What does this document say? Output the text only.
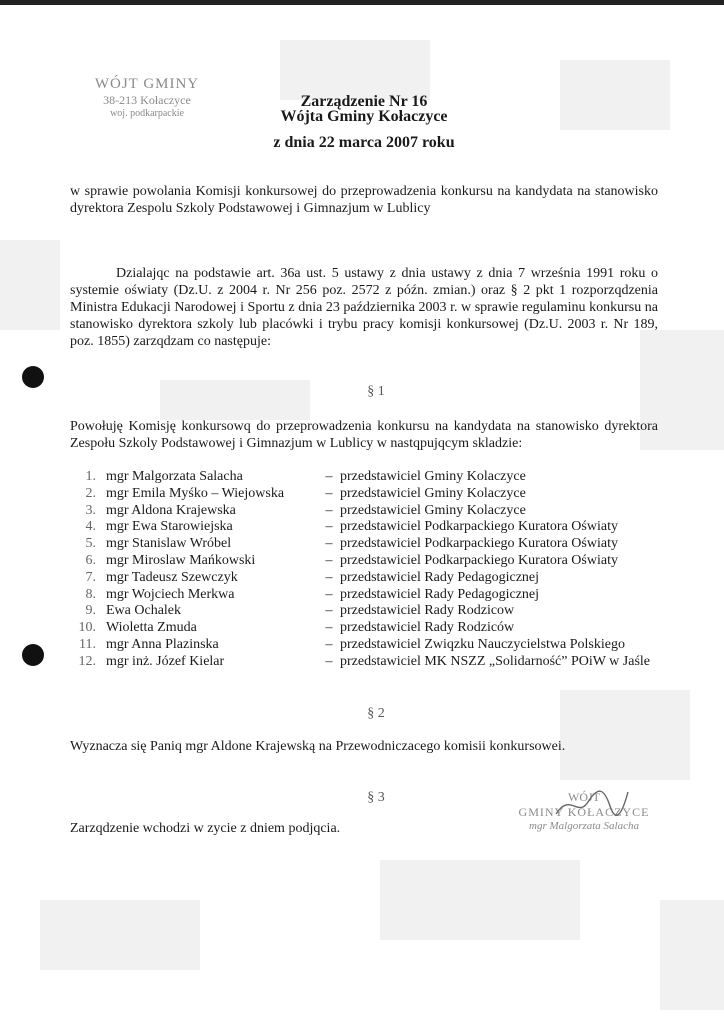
WÓJT GMINY
38-213 Kołaczyce
woj. podkarpackie
Zarządzenie Nr 16
Wójta Gminy Kołaczyce
z dnia 22 marca 2007 roku
w sprawie powolania Komisji konkursowej do przeprowadzenia konkursu na kandydata na stanowisko dyrektora Zespolu Szkoly Podstawowej i Gimnazjum w Lublicy
Dzialajqc na podstawie art. 36a ust. 5 ustawy z dnia ustawy z dnia 7 września 1991 roku o systemie oświaty (Dz.U. z 2004 r. Nr 256 poz. 2572 z późn. zmian.) oraz § 2 pkt 1 rozporzqdzenia Ministra Edukacji Narodowej i Sportu z dnia 23 października 2003 r. w sprawie regulaminu konkursu na stanowisko dyrektora szkoly lub placówki i trybu pracy komisji konkursowej (Dz.U. 2003 r. Nr 189, poz. 1855) zarzqdzam co następuje:
§ 1
Powołuję Komisję konkursowq do przeprowadzenia konkursu na kandydata na stanowisko dyrektora Zespołu Szkoly Podstawowej i Gimnazjum w Lublicy w nastqpujqcym skladzie:
1. mgr Malgorzata Salacha	– przedstawiciel Gminy Kolaczyce
2. mgr Emila Myśko – Wiejowska	– przedstawiciel Gminy Kolaczyce
3. mgr Aldona Krajewska	– przedstawiciel Gminy Kolaczyce
4. mgr Ewa Starowiejska	– przedstawiciel Podkarpackiego Kuratora Oświaty
5. mgr Stanislaw Wróbel	– przedstawiciel Podkarpackiego Kuratora Oświaty
6. mgr Miroslaw Mańkowski	– przedstawiciel Podkarpackiego Kuratora Oświaty
7. mgr Tadeusz Szewczyk	– przedstawiciel Rady Pedagogicznej
8. mgr Wojciech Merkwa	– przedstawiciel Rady Pedagogicznej
9. Ewa Ochalek	– przedstawiciel Rady Rodzicow
10. Wioletta Zmuda	– przedstawiciel Rady Rodziców
11. mgr Anna Plazinska	– przedstawiciel Zwiqzku Nauczycielstwa Polskiego
12. mgr inż. Józef Kielar	– przedstawiciel MK NSZZ „Solidarność” POiW w Jaśle
§ 2
Wyznacza się Paniq mgr Aldone Krajewską na Przewodniczacego komisii konkursowei.
§ 3
Zarzqdzenie wchodzi w zycie z dniem podjqcia.
WÓJT
GMINY KOŁACZYCE
mgr Malgorzata Salacha
